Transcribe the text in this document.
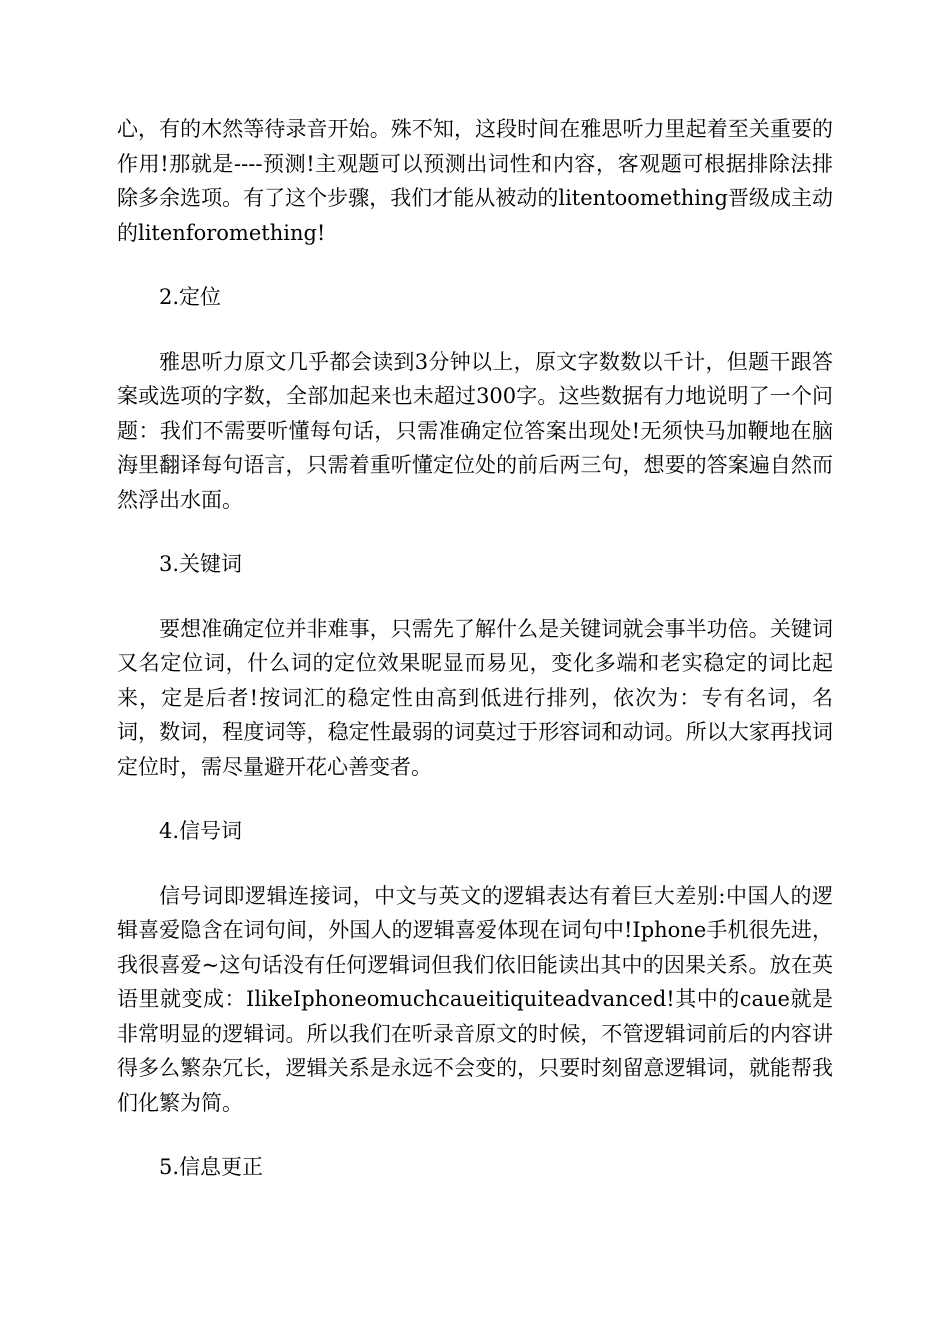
心，有的木然等待录音开始。殊不知，这段时间在雅思听力里起着至关重要的作用!那就是----预测!主观题可以预测出词性和内容，客观题可根据排除法排除多余选项。有了这个步骤，我们才能从被动的litentoomething晋级成主动的litenforomething!

2.定位

雅思听力原文几乎都会读到3分钟以上，原文字数数以千计，但题干跟答案或选项的字数，全部加起来也未超过300字。这些数据有力地说明了一个问题：我们不需要听懂每句话，只需准确定位答案出现处!无须快马加鞭地在脑海里翻译每句语言，只需着重听懂定位处的前后两三句，想要的答案遍自然而然浮出水面。

3.关键词

要想准确定位并非难事，只需先了解什么是关键词就会事半功倍。关键词又名定位词，什么词的定位效果昵显而易见，变化多端和老实稳定的词比起来，定是后者!按词汇的稳定性由高到低进行排列，依次为：专有名词，名词，数词，程度词等，稳定性最弱的词莫过于形容词和动词。所以大家再找词定位时，需尽量避开花心善变者。

4.信号词

信号词即逻辑连接词，中文与英文的逻辑表达有着巨大差别:中国人的逻辑喜爱隐含在词句间，外国人的逻辑喜爱体现在词句中!Iphone手机很先进，我很喜爱~这句话没有任何逻辑词但我们依旧能读出其中的因果关系。放在英语里就变成：IlikeIphoneomuchcaueitiquiteadvanced!其中的caue就是非常明显的逻辑词。所以我们在听录音原文的时候，不管逻辑词前后的内容讲得多么繁杂冗长，逻辑关系是永远不会变的，只要时刻留意逻辑词，就能帮我们化繁为简。

5.信息更正
